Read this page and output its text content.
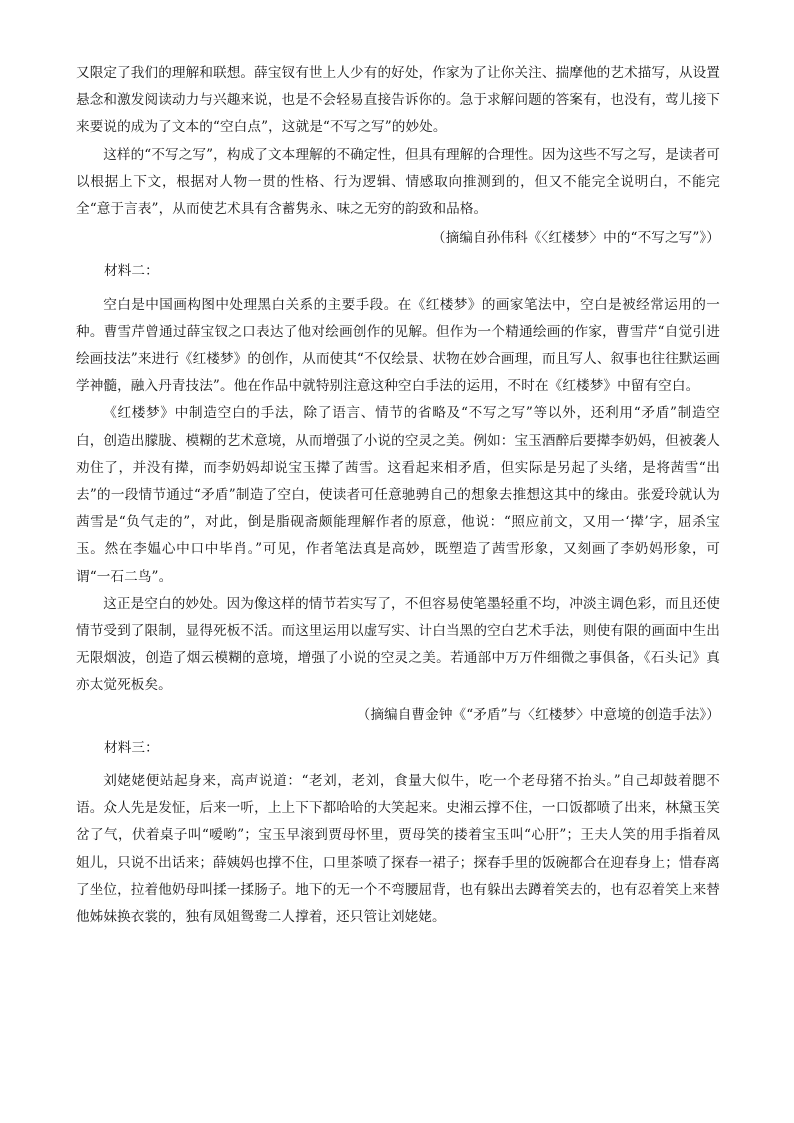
又限定了我们的理解和联想。薛宝钗有世上人少有的好处，作家为了让你关注、揣摩他的艺术描写，从设置悬念和激发阅读动力与兴趣来说，也是不会轻易直接告诉你的。急于求解问题的答案有，也没有，莺儿接下来要说的成为了文本的“空白点”，这就是“不写之写”的妙处。

这样的“不写之写”，构成了文本理解的不确定性，但具有理解的合理性。因为这些不写之写，是读者可以根据上下文，根据对人物一贯的性格、行为逻辑、情感取向推测到的，但又不能完全说明白，不能完全“意于言表”，从而使艺术具有含蓄隽永、味之无穷的韵致和品格。

（摘编自孙伟科《〈红楼梦〉中的“不写之写”》）

材料二：

空白是中国画构图中处理黑白关系的主要手段。在《红楼梦》的画家笔法中，空白是被经常运用的一种。曹雪芹曾通过薛宝钗之口表达了他对绘画创作的见解。但作为一个精通绘画的作家，曹雪芹“自觉引进绘画技法”来进行《红楼梦》的创作，从而使其“不仅绘景、状物在妙合画理，而且写人、叙事也往往默运画学神髓，融入丹青技法”。他在作品中就特别注意这种空白手法的运用，不时在《红楼梦》中留有空白。

《红楼梦》中制造空白的手法，除了语言、情节的省略及“不写之写”等以外，还利用“矛盾”制造空白，创造出朦胧、模糊的艺术意境，从而增强了小说的空灵之美。例如：宝玉酒醉后要撵李奶妈，但被袭人劝住了，并没有撵，而李奶妈却说宝玉撵了茜雪。这看起来相矛盾，但实际是另起了头绪，是将茜雪“出去”的一段情节通过“矛盾”制造了空白，使读者可任意驰骋自己的想象去推想这其中的缘由。张爱玲就认为茜雪是“负气走的”，对此，倒是脂砚斋颇能理解作者的原意，他说：“照应前文，又用一‘撵’字，屈杀宝玉。然在李媪心中口中毕肖。”可见，作者笔法真是高妙，既塑造了茜雪形象，又刻画了李奶妈形象，可谓“一石二鸟”。

这正是空白的妙处。因为像这样的情节若实写了，不但容易使笔墨轻重不均，冲淡主调色彩，而且还使情节受到了限制，显得死板不活。而这里运用以虚写实、计白当黑的空白艺术手法，则使有限的画面中生出无限烟波，创造了烟云模糊的意境，增强了小说的空灵之美。若通部中万万件细微之事俱备，《石头记》真亦太觉死板矣。

（摘编自曹金钟《“矛盾”与〈红楼梦〉中意境的创造手法》）

材料三：

刘姥姥便站起身来，高声说道：“老刘，老刘，食量大似牛，吃一个老母猪不抬头。”自己却鼓着腮不语。众人先是发怔，后来一听，上上下下都哈哈的大笑起来。史湘云撑不住，一口饭都喷了出来，林黛玉笑岔了气，伏着桌子叫“嗳哟”；宝玉早滚到贾母怀里，贾母笑的搂着宝玉叫“心肝”；王夫人笑的用手指着凤姐儿，只说不出话来；薛姨妈也撑不住，口里茶喷了探春一裙子；探春手里的饭碗都合在迎春身上；惜春离了坐位，拉着他奶母叫揉一揉肠子。地下的无一个不弯腰屈背，也有躲出去蹲着笑去的，也有忍着笑上来替他姊妹换衣裳的，独有凤姐鸳鸯二人撑着，还只管让刘姥姥。
